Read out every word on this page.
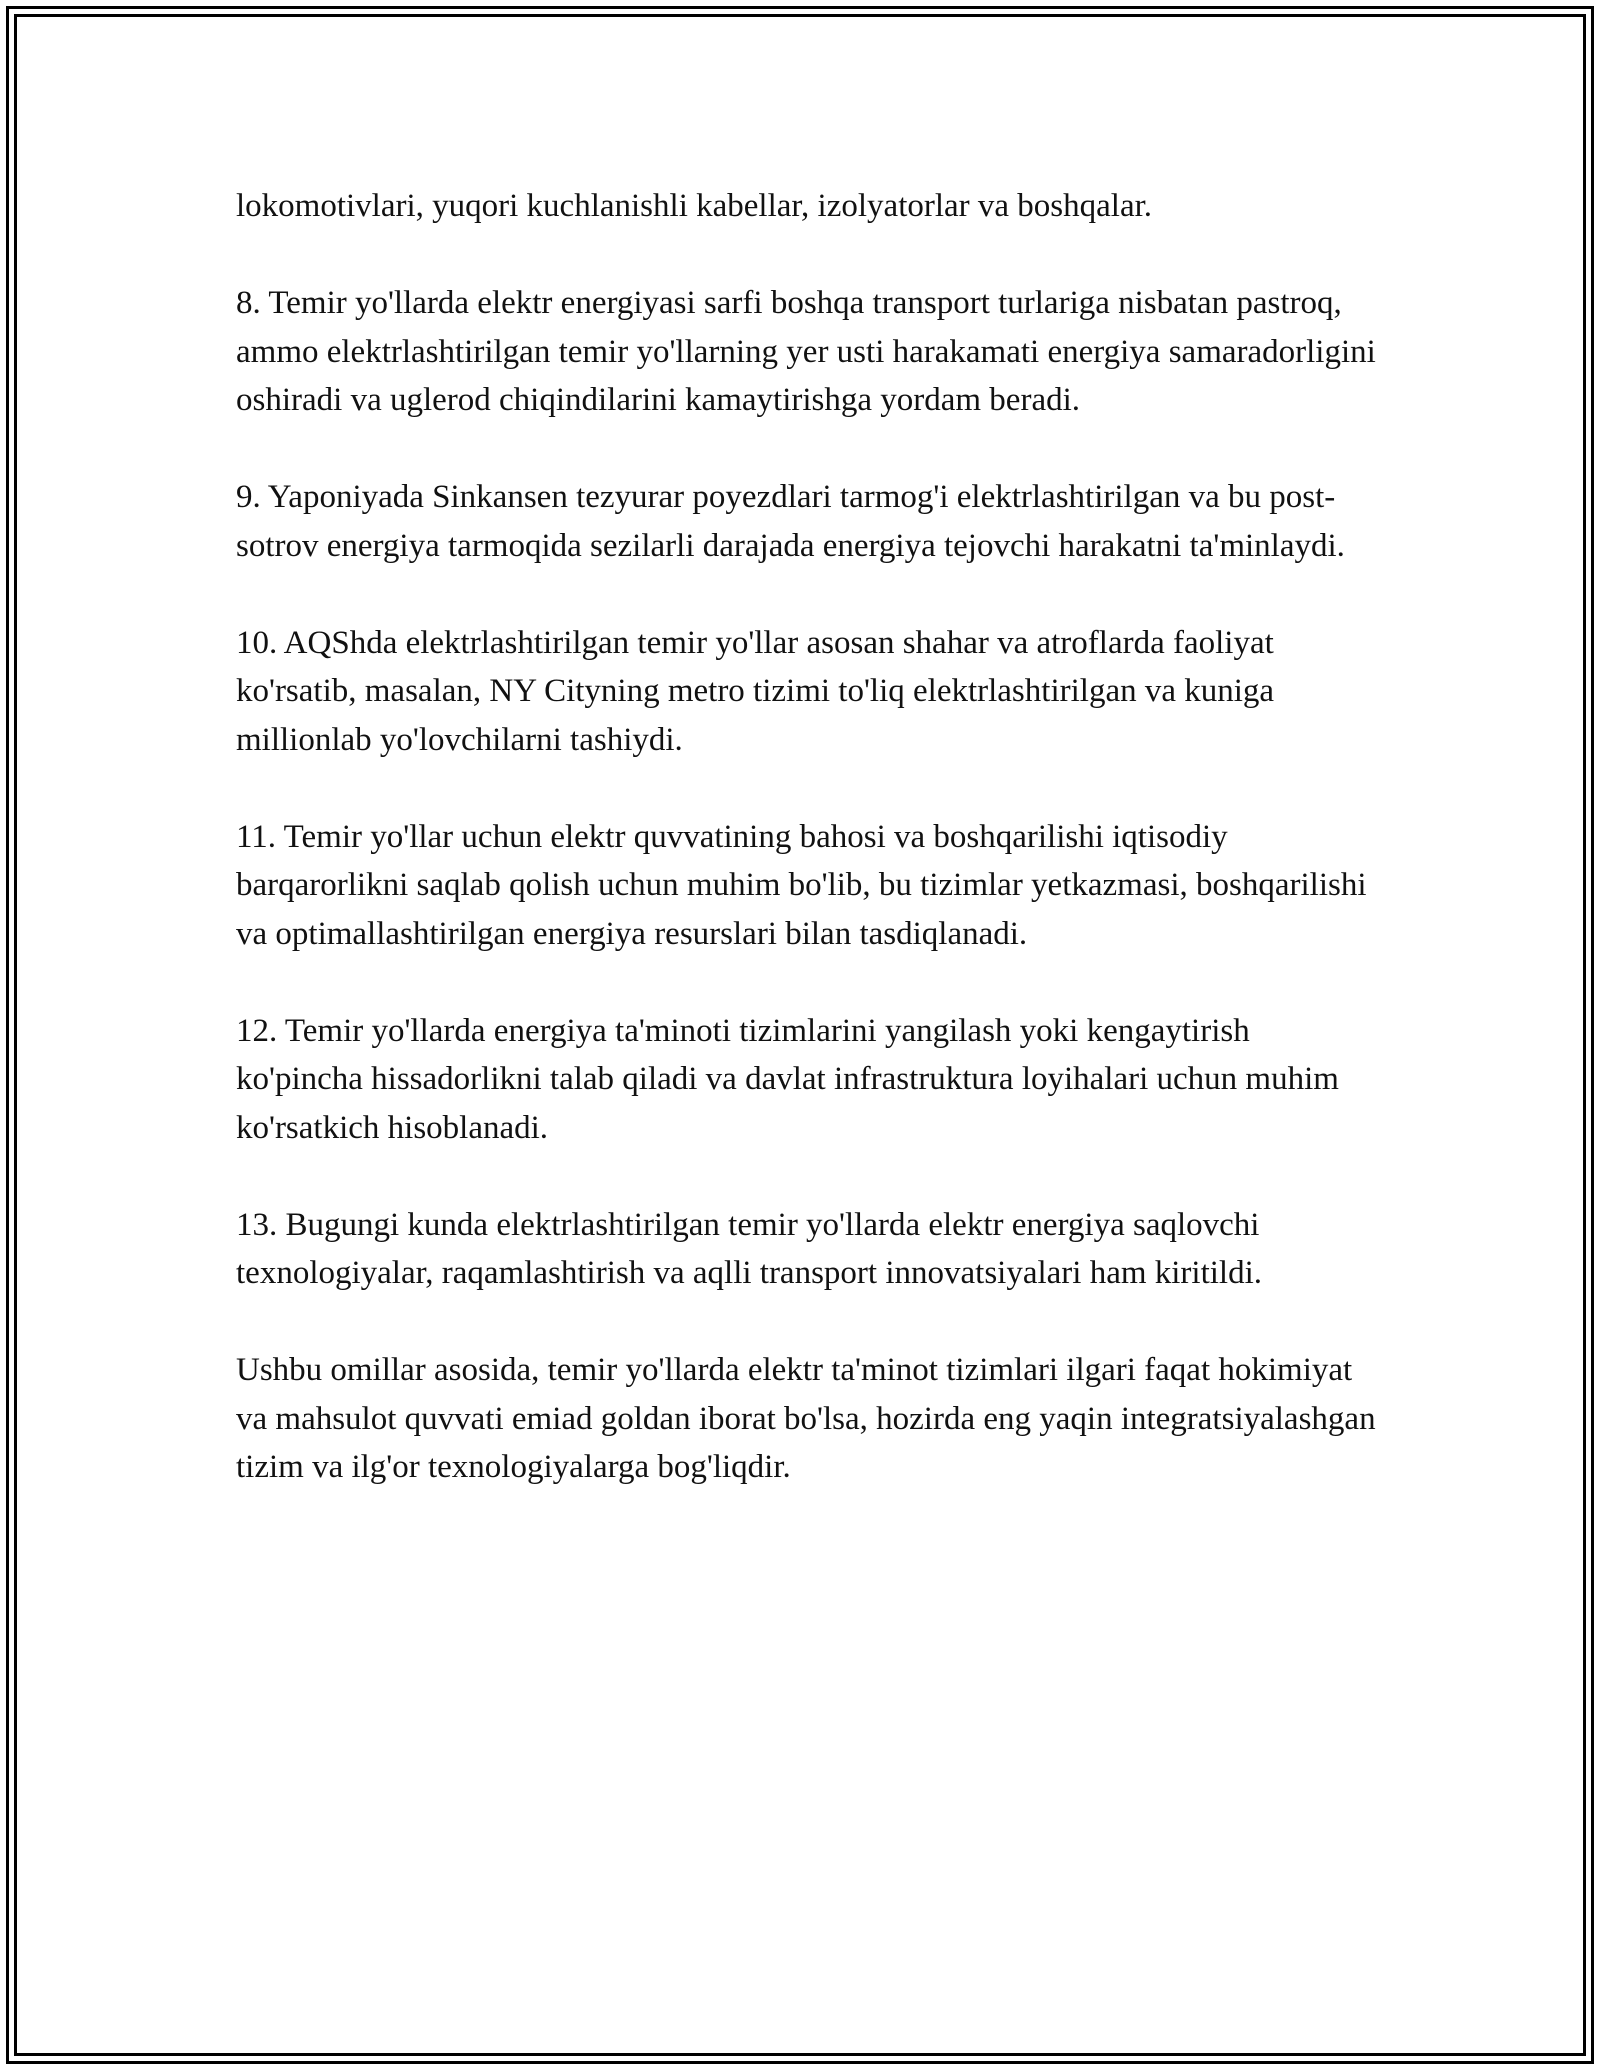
lokomotivlari, yuqori kuchlanishli kabellar, izolyatorlar va boshqalar.

8. Temir yo'llarda elektr energiyasi sarfi boshqa transport turlariga nisbatan pastroq, ammo elektrlashtirilgan temir yo'llarning yer usti harakamati energiya samaradorligini oshiradi va uglerod chiqindilarini kamaytirishga yordam beradi.

9. Yaponiyada Sinkansen tezyurar poyezdlari tarmog'i elektrlashtirilgan va bu post-sotrov energiya tarmoqida sezilarli darajada energiya tejovchi harakatni ta'minlaydi.

10. AQShda elektrlashtirilgan temir yo'llar asosan shahar va atroflarda faoliyat ko'rsatib, masalan, NY Cityning metro tizimi to'liq elektrlashtirilgan va kuniga millionlab yo'lovchilarni tashiydi.

11. Temir yo'llar uchun elektr quvvatining bahosi va boshqarilishi iqtisodiy barqarorlikni saqlab qolish uchun muhim bo'lib, bu tizimlar yetkazmasi, boshqarilishi va optimallashtirilgan energiya resurslari bilan tasdiqlanadi.

12. Temir yo'llarda energiya ta'minoti tizimlarini yangilash yoki kengaytirish ko'pincha hissadorlikni talab qiladi va davlat infrastruktura loyihalari uchun muhim ko'rsatkich hisoblanadi.

13. Bugungi kunda elektrlashtirilgan temir yo'llarda elektr energiya saqlovchi texnologiyalar, raqamlashtirish va aqlli transport innovatsiyalari ham kiritildi.

Ushbu omillar asosida, temir yo'llarda elektr ta'minot tizimlari ilgari faqat hokimiyat va mahsulot quvvati emiad goldan iborat bo'lsa, hozirda eng yaqin integratsiyalashgan tizim va ilg'or texnologiyalarga bog'liqdir.
